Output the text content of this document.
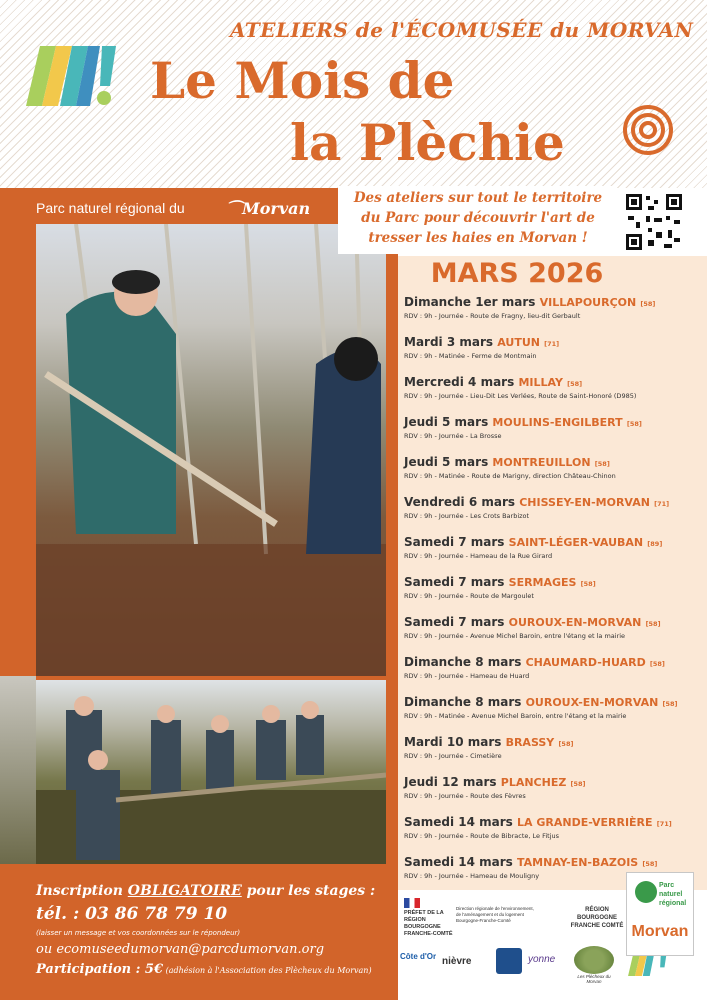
ATELIERS de l'ÉCOMUSÉE du MORVAN
Le Mois de
la Plèchie
Parc naturel régional du	⌒Morvan
Des ateliers sur tout le territoire du Parc pour découvrir l'art de tresser les haies en Morvan !
MARS 2026
Dimanche 1er mars VILLAPOURÇON [58]
RDV : 9h - Journée - Route de Fragny, lieu-dit Gerbault
Mardi 3 mars AUTUN [71]
RDV : 9h - Matinée - Ferme de Montmain
Mercredi 4 mars MILLAY [58]
RDV : 9h - Journée - Lieu-Dit Les Verlées, Route de Saint-Honoré (D985)
Jeudi 5 mars MOULINS-ENGILBERT [58]
RDV : 9h - Journée - La Brosse
Jeudi 5 mars MONTREUILLON [58]
RDV : 9h - Matinée - Route de Marigny, direction Château-Chinon
Vendredi 6 mars CHISSEY-EN-MORVAN [71]
RDV : 9h - Journée - Les Crots Barbizot
Samedi 7 mars SAINT-LÉGER-VAUBAN [89]
RDV : 9h - Journée - Hameau de la Rue Girard
Samedi 7 mars SERMAGES [58]
RDV : 9h - Journée - Route de Margoulet
Samedi 7 mars OUROUX-EN-MORVAN [58]
RDV : 9h - Journée - Avenue Michel Baroin, entre l'étang et la mairie
Dimanche 8 mars CHAUMARD-HUARD [58]
RDV : 9h - Journée - Hameau de Huard
Dimanche 8 mars OUROUX-EN-MORVAN [58]
RDV : 9h - Matinée - Avenue Michel Baroin, entre l'étang et la mairie
Mardi 10 mars BRASSY [58]
RDV : 9h - Journée - Cimetière
Jeudi 12 mars PLANCHEZ [58]
RDV : 9h - Journée - Route des Fèvres
Samedi 14 mars LA GRANDE-VERRIÈRE [71]
RDV : 9h - Journée - Route de Bibracte, Le Fitjus
Samedi 14 mars TAMNAY-EN-BAZOIS [58]
RDV : 9h - Journée - Hameau de Mouligny
Inscription OBLIGATOIRE pour les stages :
tél. : 03 86 78 79 10
(laisser un message et vos coordonnées sur le répondeur)
ou ecomuseedumorvan@parcdumorvan.org
Participation : 5€ (adhésion à l'Association des Plècheux du Morvan)
PRÉFET DE LA RÉGION BOURGOGNE FRANCHE-COMTÉ
Direction régionale de l'environnement, de l'aménagement et du logement Bourgogne-Franche-Comté
RÉGION BOURGOGNE FRANCHE COMTÉ
Côte d'Or nièvre	yonne
Les Plècheux du Morvan
Parc naturel régional
Morvan
